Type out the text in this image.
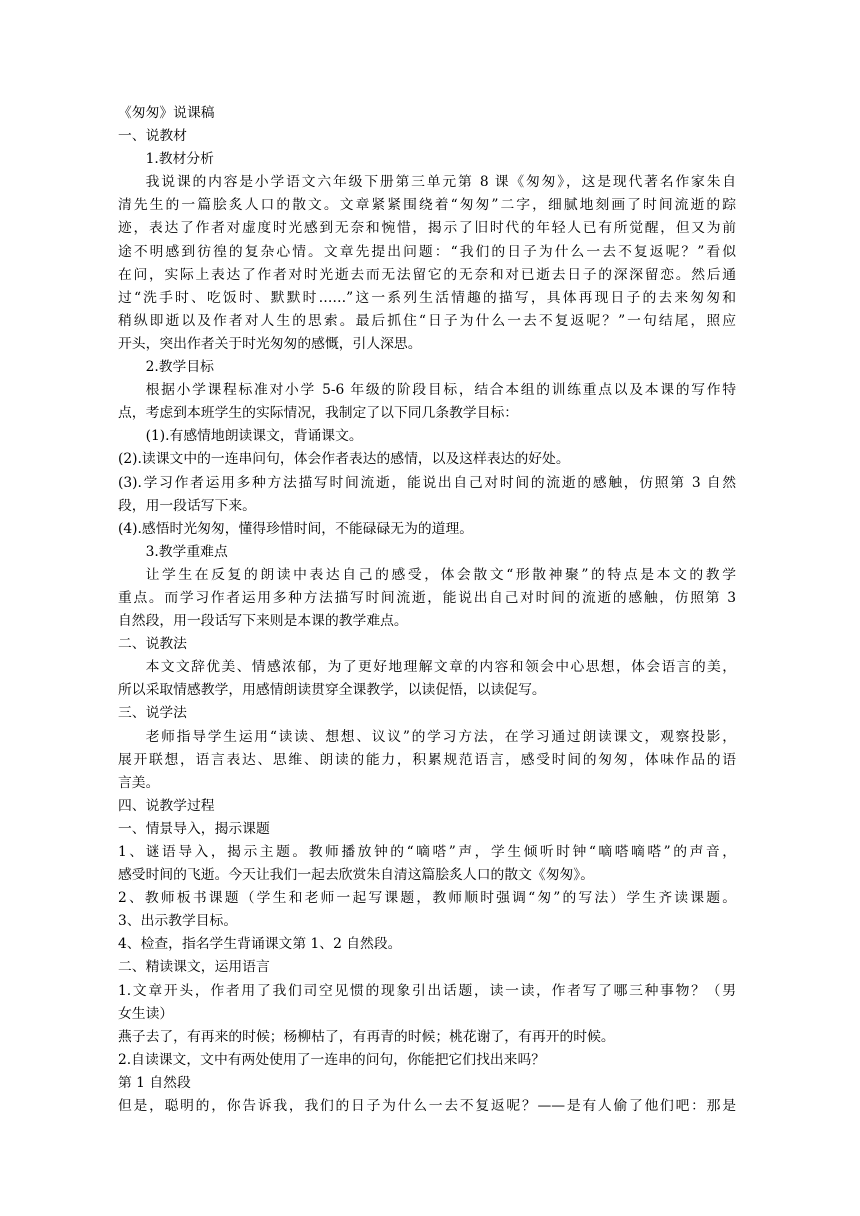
《匆匆》说课稿

一、说教材

1.教材分析

我说课的内容是小学语文六年级下册第三单元第 8 课《匆匆》，这是现代著名作家朱自

清先生的一篇脍炙人口的散文。文章紧紧围绕着“匆匆”二字，细腻地刻画了时间流逝的踪

迹，表达了作者对虚度时光感到无奈和惋惜，揭示了旧时代的年轻人已有所觉醒，但又为前

途不明感到彷徨的复杂心情。文章先提出问题：“我们的日子为什么一去不复返呢？”看似

在问，实际上表达了作者对时光逝去而无法留它的无奈和对已逝去日子的深深留恋。然后通

过“洗手时、吃饭时、默默时……”这一系列生活情趣的描写，具体再现日子的去来匆匆和

稍纵即逝以及作者对人生的思索。最后抓住“日子为什么一去不复返呢？”一句结尾，照应

开头，突出作者关于时光匆匆的感慨，引人深思。

2.教学目标

根据小学课程标准对小学 5-6 年级的阶段目标，结合本组的训练重点以及本课的写作特

点，考虑到本班学生的实际情况，我制定了以下同几条教学目标：

(1).有感情地朗读课文，背诵课文。

(2).读课文中的一连串问句，体会作者表达的感情，以及这样表达的好处。

(3).学习作者运用多种方法描写时间流逝，能说出自己对时间的流逝的感触，仿照第 3 自然

段，用一段话写下来。

(4).感悟时光匆匆，懂得珍惜时间，不能碌碌无为的道理。

3.教学重难点

让学生在反复的朗读中表达自己的感受，体会散文“形散神聚”的特点是本文的教学

重点。而学习作者运用多种方法描写时间流逝，能说出自己对时间的流逝的感触，仿照第 3

自然段，用一段话写下来则是本课的教学难点。

二、说教法

本文文辞优美、情感浓郁，为了更好地理解文章的内容和领会中心思想，体会语言的美，

所以采取情感教学，用感情朗读贯穿全课教学，以读促悟，以读促写。

三、说学法

老师指导学生运用“读读、想想、议议”的学习方法，在学习通过朗读课文，观察投影，

展开联想，语言表达、思维、朗读的能力，积累规范语言，感受时间的匆匆，体味作品的语

言美。

四、说教学过程

一、情景导入，揭示课题

1、谜语导入，揭示主题。教师播放钟的“嘀嗒”声，学生倾听时钟“嘀嗒嘀嗒”的声音，

感受时间的飞逝。今天让我们一起去欣赏朱自清这篇脍炙人口的散文《匆匆》。

2、教师板书课题（学生和老师一起写课题，教师顺时强调“匆”的写法）学生齐读课题。

3、出示教学目标。

4、检查，指名学生背诵课文第 1、2 自然段。

二、精读课文，运用语言

1.文章开头，作者用了我们司空见惯的现象引出话题，读一读，作者写了哪三种事物？（男

女生读）

燕子去了，有再来的时候；杨柳枯了，有再青的时候；桃花谢了，有再开的时候。

2.自读课文，文中有两处使用了一连串的问句，你能把它们找出来吗？

第 1 自然段

但是，聪明的，你告诉我，我们的日子为什么一去不复返呢？——是有人偷了他们吧：那是
